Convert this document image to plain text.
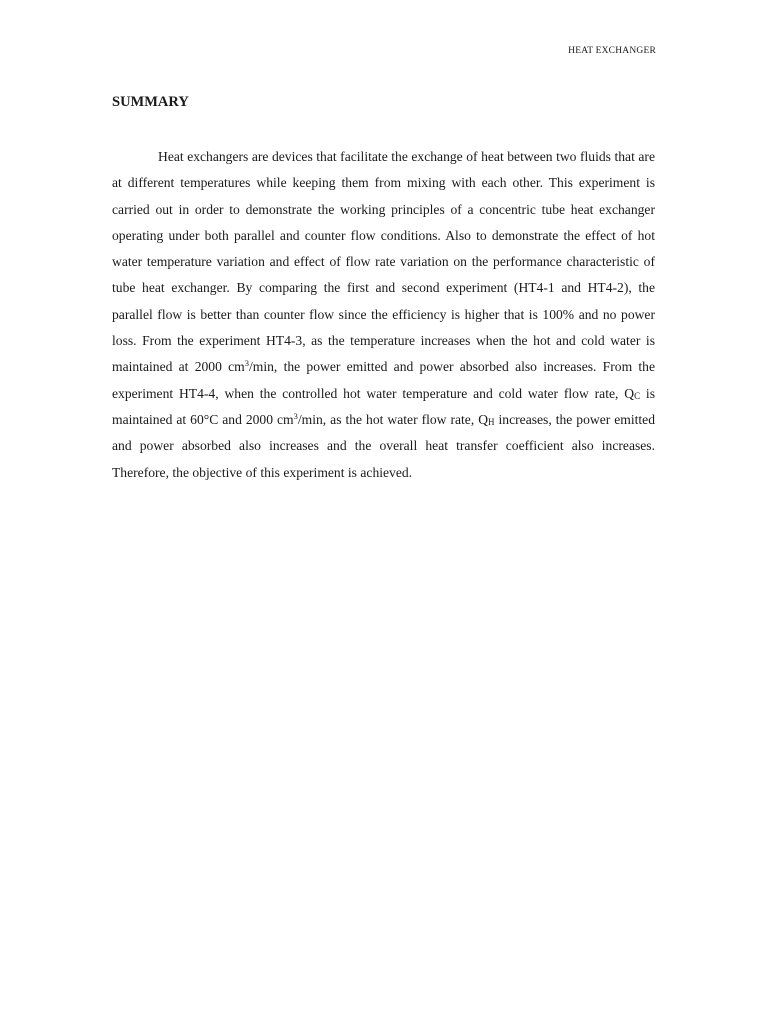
HEAT EXCHANGER
SUMMARY

Heat exchangers are devices that facilitate the exchange of heat between two fluids that are at different temperatures while keeping them from mixing with each other. This experiment is carried out in order to demonstrate the working principles of a concentric tube heat exchanger operating under both parallel and counter flow conditions. Also to demonstrate the effect of hot water temperature variation and effect of flow rate variation on the performance characteristic of tube heat exchanger. By comparing the first and second experiment (HT4-1 and HT4-2), the parallel flow is better than counter flow since the efficiency is higher that is 100% and no power loss. From the experiment HT4-3, as the temperature increases when the hot and cold water is maintained at 2000 $cm^3/\min$, the power emitted and power absorbed also increases. From the experiment HT4-4, when the controlled hot water temperature and cold water flow rate, $Q_C$ is maintained at 60°C and 2000 $cm^3/\min$, as the hot water flow rate, $Q_H$ increases, the power emitted and power absorbed also increases and the overall heat transfer coefficient also increases. Therefore, the objective of this experiment is achieved.
